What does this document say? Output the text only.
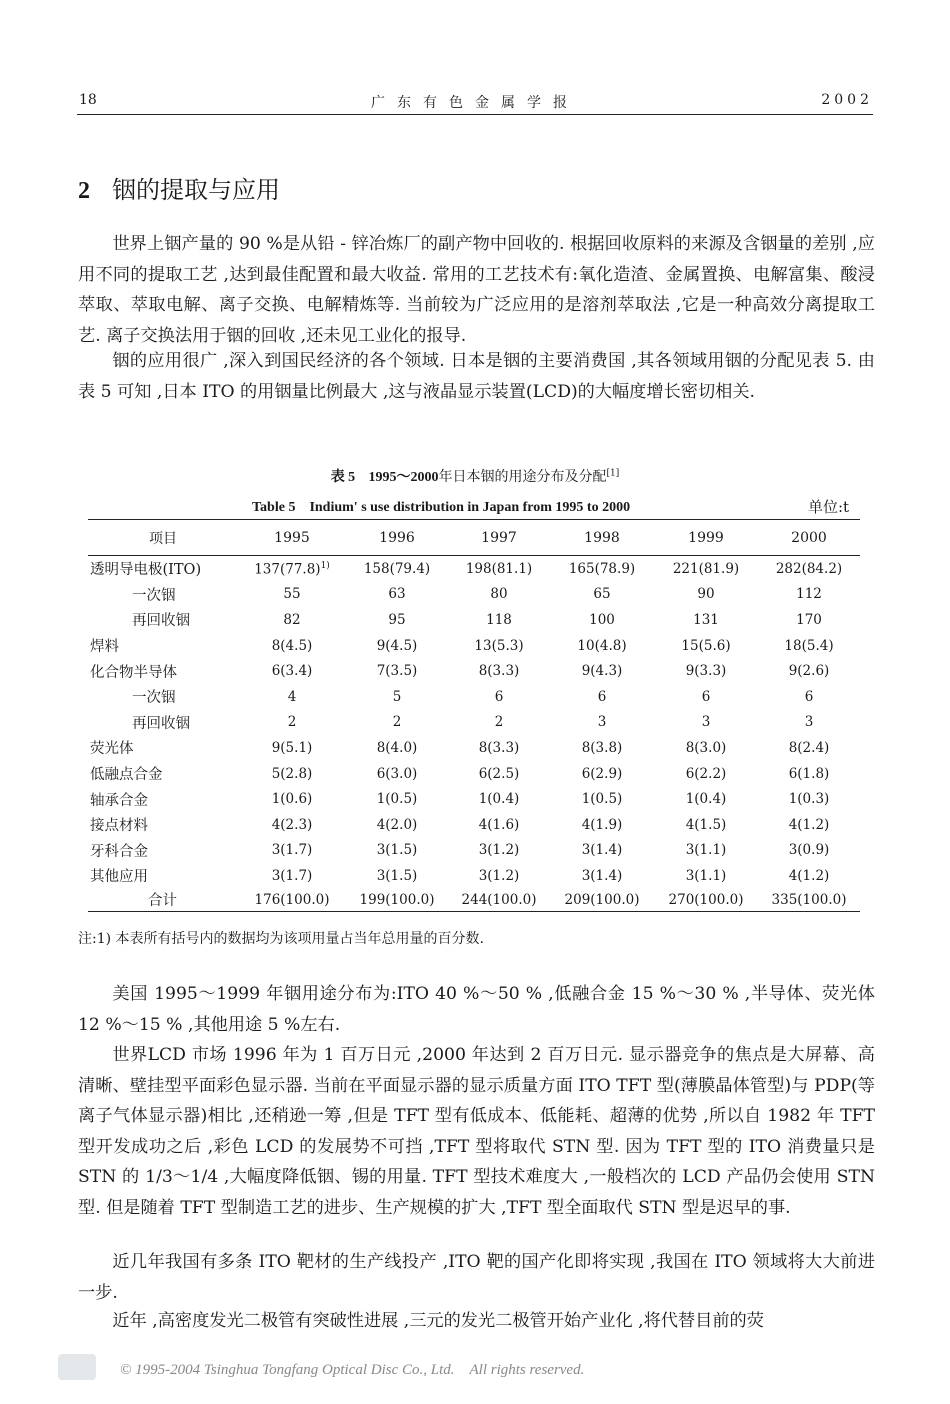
18	广东有色金属学报	2002
2 铟的提取与应用

世界上铟产量的 90 %是从铅 - 锌冶炼厂的副产物中回收的. 根据回收原料的来源及含铟量的差别 ,应用不同的提取工艺 ,达到最佳配置和最大收益. 常用的工艺技术有:氧化造渣、金属置换、电解富集、酸浸萃取、萃取电解、离子交换、电解精炼等. 当前较为广泛应用的是溶剂萃取法 ,它是一种高效分离提取工艺. 离子交换法用于铟的回收 ,还未见工业化的报导.

铟的应用很广 ,深入到国民经济的各个领域. 日本是铟的主要消费国 ,其各领域用铟的分配见表 5. 由表 5 可知 ,日本 ITO 的用铟量比例最大 ,这与液晶显示装置(LCD)的大幅度增长密切相关.

表 5 1995～2000年日本铟的用途分布及分配[1]
Table 5　Indium' s use distribution in Japan from 1995 to 2000	单位:t
项目	1995	1996	1997	1998	1999	2000
透明导电极(ITO)	$137(77.8)^{1)}$	158(79.4)	198(81.1)	165(78.9)	221(81.9)	282(84.2)
一次铟	55	63	80	65	90	112
再回收铟	82	95	118	100	131	170
焊料	8(4.5)	9(4.5)	13(5.3)	10(4.8)	15(5.6)	18(5.4)
化合物半导体	6(3.4)	7(3.5)	8(3.3)	9(4.3)	9(3.3)	9(2.6)
一次铟	4	5	6	6	6	6
再回收铟	2	2	2	3	3	3
荧光体	9(5.1)	8(4.0)	8(3.3)	8(3.8)	8(3.0)	8(2.4)
低融点合金	5(2.8)	6(3.0)	6(2.5)	6(2.9)	6(2.2)	6(1.8)
轴承合金	1(0.6)	1(0.5)	1(0.4)	1(0.5)	1(0.4)	1(0.3)
接点材料	4(2.3)	4(2.0)	4(1.6)	4(1.9)	4(1.5)	4(1.2)
牙科合金	3(1.7)	3(1.5)	3(1.2)	3(1.4)	3(1.1)	3(0.9)
其他应用	3(1.7)	3(1.5)	3(1.2)	3(1.4)	3(1.1)	4(1.2)
合计	176(100.0)	199(100.0)	244(100.0)	209(100.0)	270(100.0)	335(100.0)
注:1) 本表所有括号内的数据均为该项用量占当年总用量的百分数.

美国 1995～1999 年铟用途分布为:ITO 40 %～50 % ,低融合金 15 %～30 % ,半导体、荧光体 12 %～15 % ,其他用途 5 %左右.

世界LCD 市场 1996 年为 1 百万日元 ,2000 年达到 2 百万日元. 显示器竞争的焦点是大屏幕、高清晰、壁挂型平面彩色显示器. 当前在平面显示器的显示质量方面 ITO TFT 型(薄膜晶体管型)与 PDP(等离子气体显示器)相比 ,还稍逊一筹 ,但是 TFT 型有低成本、低能耗、超薄的优势 ,所以自 1982 年 TFT 型开发成功之后 ,彩色 LCD 的发展势不可挡 ,TFT 型将取代 STN 型. 因为 TFT 型的 ITO 消费量只是 STN 的 1/3～1/4 ,大幅度降低铟、锡的用量. TFT 型技术难度大 ,一般档次的 LCD 产品仍会使用 STN 型. 但是随着 TFT 型制造工艺的进步、生产规模的扩大 ,TFT 型全面取代 STN 型是迟早的事.

近几年我国有多条 ITO 靶材的生产线投产 ,ITO 靶的国产化即将实现 ,我国在 ITO 领域将大大前进一步.

近年 ,高密度发光二极管有突破性进展 ,三元的发光二极管开始产业化 ,将代替目前的荧

© 1995-2004 Tsinghua Tongfang Optical Disc Co., Ltd.　All rights reserved.
